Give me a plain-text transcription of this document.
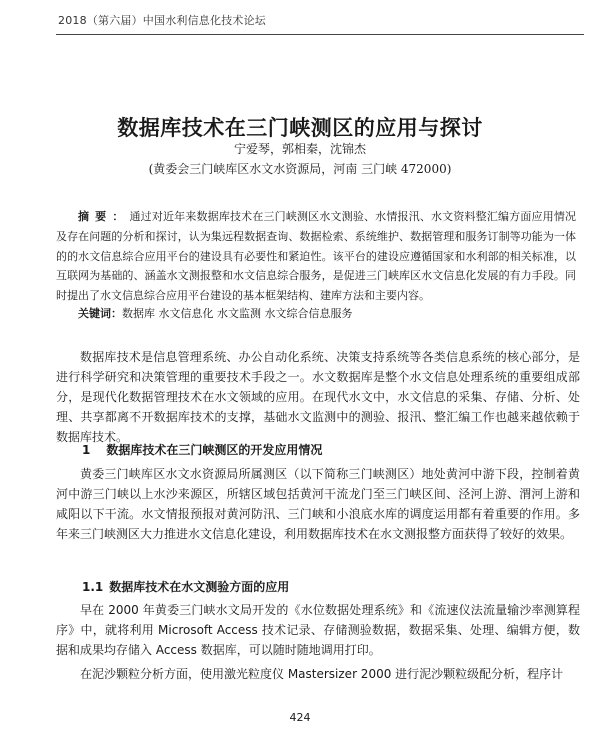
2018（第六届）中国水利信息化技术论坛
数据库技术在三门峡测区的应用与探讨
宁爱琴，郭相秦，沈锦杰
(黄委会三门峡库区水文水资源局，河南 三门峡 472000)
摘要：通过对近年来数据库技术在三门峡测区水文测验、水情报汛、水文资料整汇编方面应用情况及存在问题的分析和探讨，认为集远程数据查询、数据检索、系统维护、数据管理和服务订制等功能为一体的的水文信息综合应用平台的建设具有必要性和紧迫性。该平台的建设应遵循国家和水利部的相关标准，以互联网为基础的、涵盖水文测报整和水文信息综合服务，是促进三门峡库区水文信息化发展的有力手段。同时提出了水文信息综合应用平台建设的基本框架结构、建库方法和主要内容。
关键词：数据库 水文信息化 水文监测 水文综合信息服务
数据库技术是信息管理系统、办公自动化系统、决策支持系统等各类信息系统的核心部分，是进行科学研究和决策管理的重要技术手段之一。水文数据库是整个水文信息处理系统的重要组成部分，是现代化数据管理技术在水文领域的应用。在现代水文中，水文信息的采集、存储、分析、处理、共享都离不开数据库技术的支撑，基础水文监测中的测验、报汛、整汇编工作也越来越依赖于数据库技术。
1 数据库技术在三门峡测区的开发应用情况
黄委三门峡库区水文水资源局所属测区（以下简称三门峡测区）地处黄河中游下段，控制着黄河中游三门峡以上水沙来源区，所辖区域包括黄河干流龙门至三门峡区间、泾河上游、渭河上游和咸阳以下干流。水文情报预报对黄河防汛、三门峡和小浪底水库的调度运用都有着重要的作用。多年来三门峡测区大力推进水文信息化建设，利用数据库技术在水文测报整方面获得了较好的效果。
1.1 数据库技术在水文测验方面的应用
早在 2000 年黄委三门峡水文局开发的《水位数据处理系统》和《流速仪法流量输沙率测算程序》中，就将利用 Microsoft Access 技术记录、存储测验数据，数据采集、处理、编辑方便，数据和成果均存储入 Access 数据库，可以随时随地调用打印。
在泥沙颗粒分析方面，使用激光粒度仪 Mastersizer 2000 进行泥沙颗粒级配分析，程序计
424
